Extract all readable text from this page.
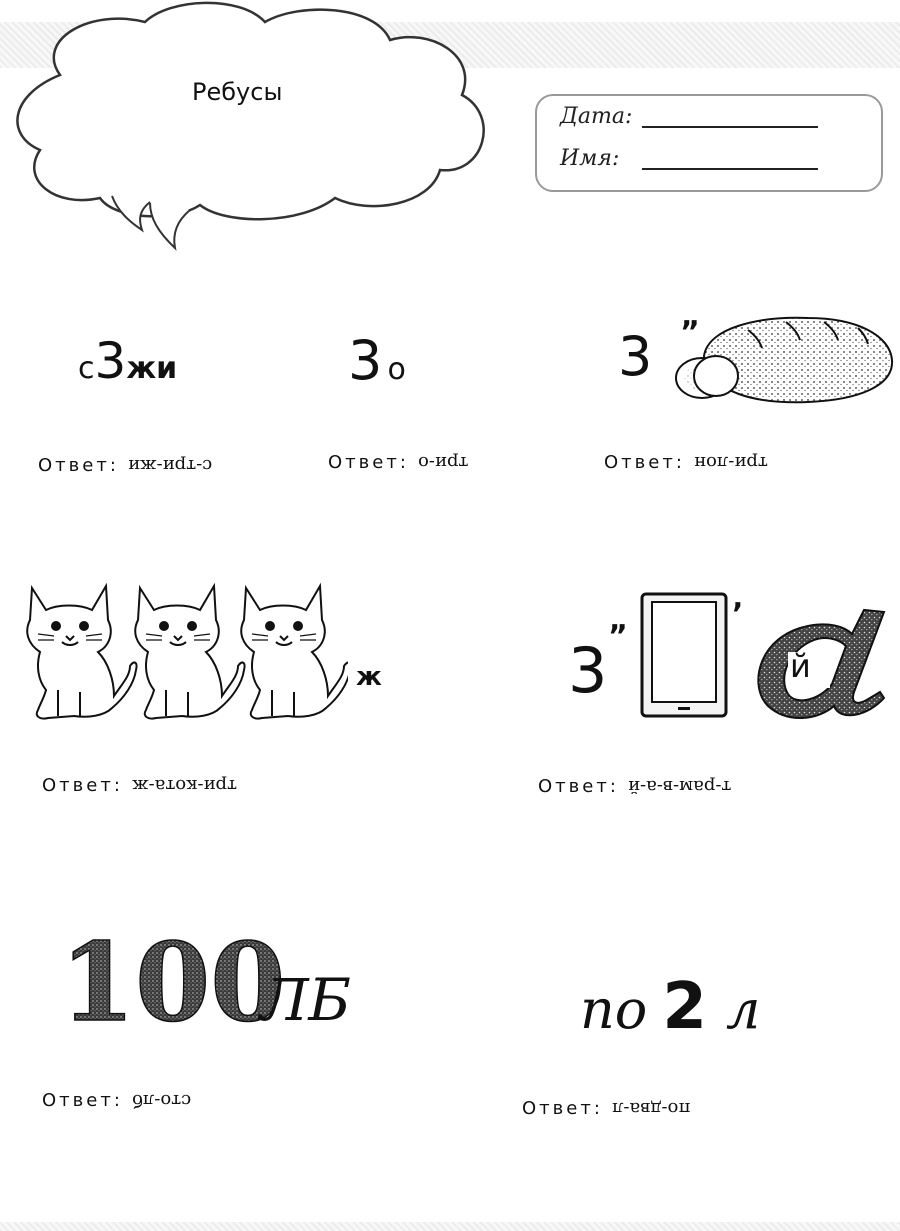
Ребусы
Дата:
Имя:
с3жи
Ответ: с-три-жи
3 о
Ответ: три-о
3 ”
Ответ: три-лон
ж
Ответ: три-кота-ж
3 ”
’
й
Ответ: т-рам-в-а-й
100
ЛБ
Ответ: сто-лб
по 2 л
Ответ: по-два-л
